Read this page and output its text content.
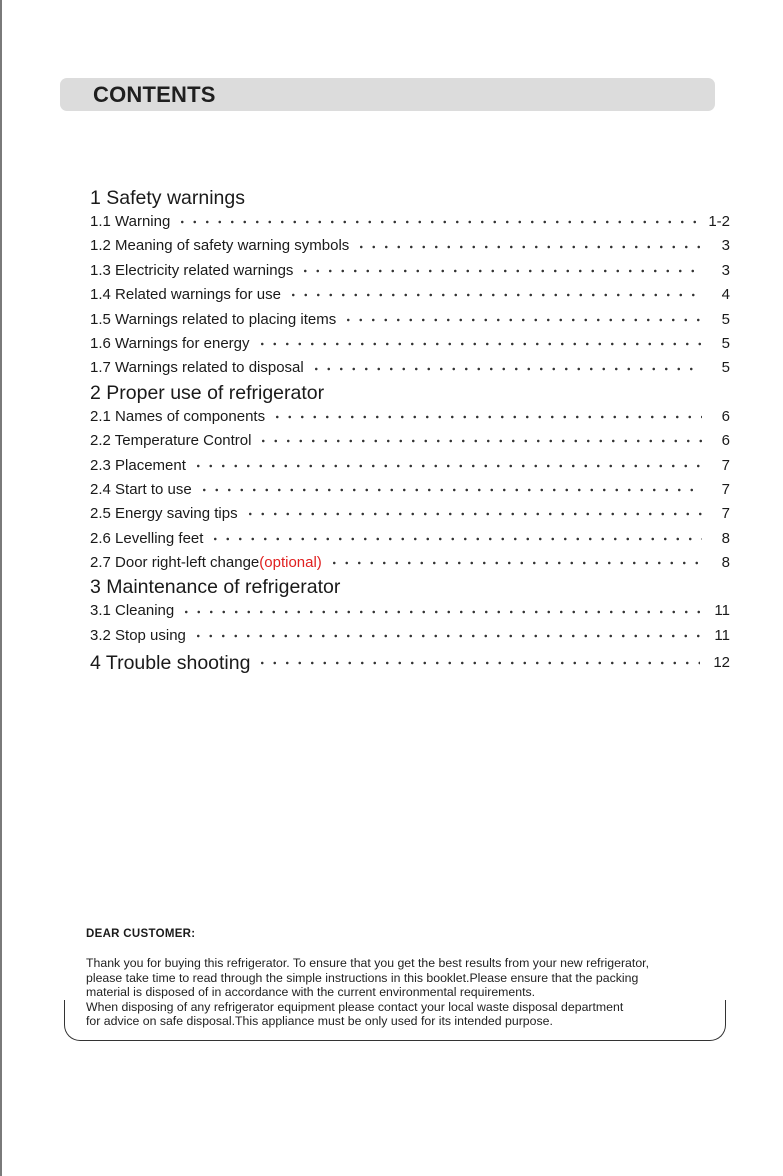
CONTENTS
1 Safety warnings
1.1 Warning	1-2
1.2 Meaning of safety warning symbols	3
1.3 Electricity related warnings	3
1.4 Related warnings for use	4
1.5 Warnings related to placing items	5
1.6 Warnings for energy	5
1.7 Warnings related to disposal	5
2 Proper use of refrigerator
2.1 Names of components	6
2.2 Temperature Control	6
2.3 Placement	7
2.4 Start to use	7
2.5 Energy saving tips	7
2.6 Levelling feet	8
2.7 Door right-left change(optional)	8
3 Maintenance of refrigerator
3.1 Cleaning	11
3.2 Stop using	11
4 Trouble shooting	12
DEAR CUSTOMER:
Thank you for buying this refrigerator. To ensure that you get the best results from your new refrigerator,
please take time to read through the simple instructions in this booklet.Please ensure that the packing
material is disposed of in accordance with the current environmental requirements.
When disposing of any refrigerator equipment please contact your local waste disposal department
for advice on safe disposal.This appliance must be only used for its intended purpose.
